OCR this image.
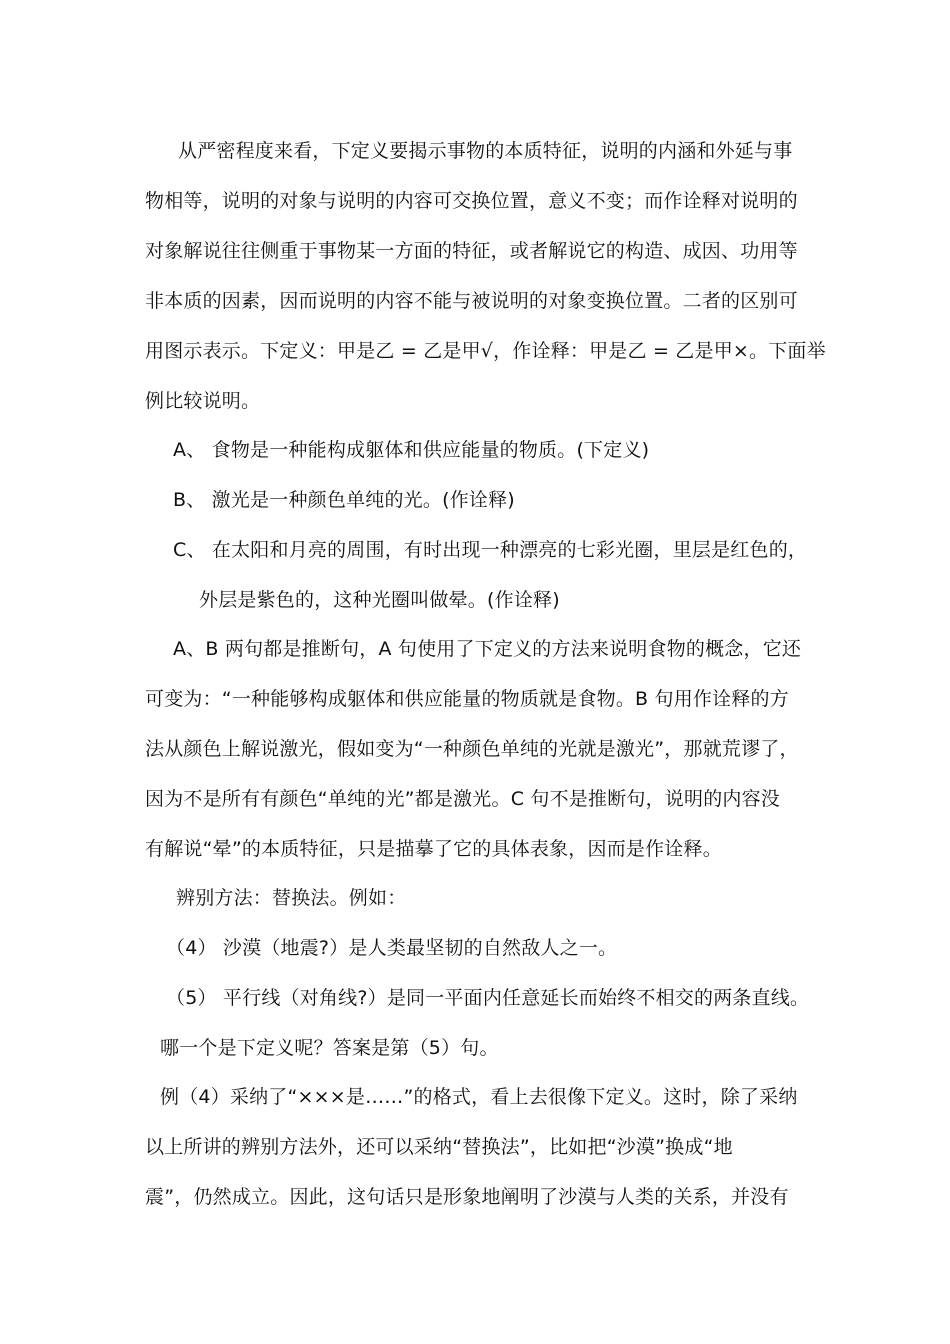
从严密程度来看，下定义要揭示事物的本质特征，说明的内涵和外延与事
物相等，说明的对象与说明的内容可交换位置，意义不变；而作诠释对说明的
对象解说往往侧重于事物某一方面的特征，或者解说它的构造、成因、功用等
非本质的因素，因而说明的内容不能与被说明的对象变换位置。二者的区别可
用图示表示。下定义：甲是乙 = 乙是甲√，作诠释：甲是乙 = 乙是甲×。下面举
例比较说明。
A、 食物是一种能构成躯体和供应能量的物质。(下定义)
B、 激光是一种颜色单纯的光。(作诠释)
C、 在太阳和月亮的周围，有时出现一种漂亮的七彩光圈，里层是红色的，
外层是紫色的，这种光圈叫做晕。(作诠释)
A、B 两句都是推断句，A 句使用了下定义的方法来说明食物的概念，它还
可变为：“一种能够构成躯体和供应能量的物质就是食物。B 句用作诠释的方
法从颜色上解说激光，假如变为“一种颜色单纯的光就是激光”，那就荒谬了，
因为不是所有有颜色“单纯的光”都是激光。C 句不是推断句，说明的内容没
有解说“晕”的本质特征，只是描摹了它的具体表象，因而是作诠释。
辨别方法：替换法。例如：
（4） 沙漠（地震?）是人类最坚韧的自然敌人之一。
（5） 平行线（对角线?）是同一平面内任意延长而始终不相交的两条直线。
哪一个是下定义呢？答案是第（5）句。
例（4）采纳了“×××是……”的格式，看上去很像下定义。这时，除了采纳
以上所讲的辨别方法外，还可以采纳“替换法”，比如把“沙漠”换成“地
震”，仍然成立。因此，这句话只是形象地阐明了沙漠与人类的关系，并没有
